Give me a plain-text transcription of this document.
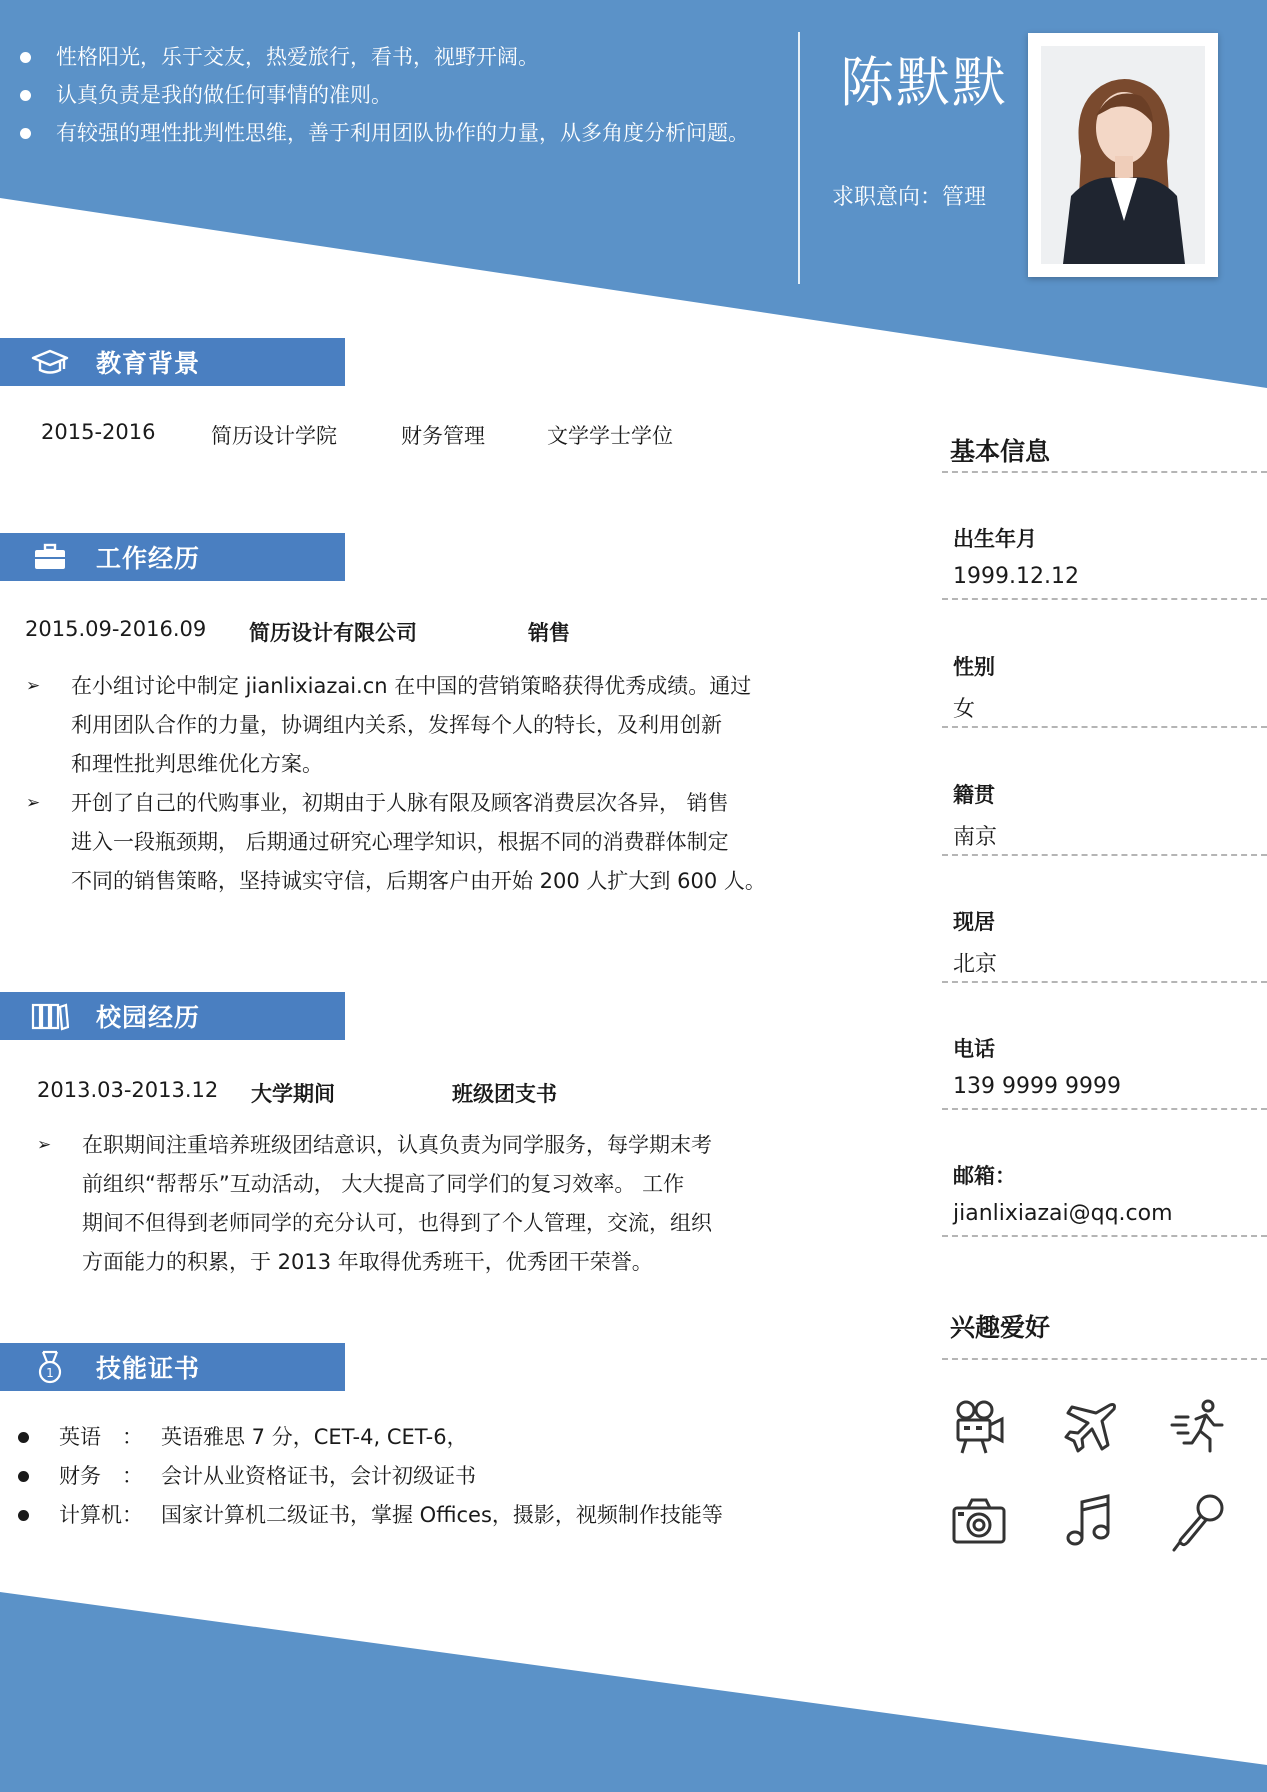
性格阳光，乐于交友，热爱旅行，看书，视野开阔。
认真负责是我的做任何事情的准则。
有较强的理性批判性思维，善于利用团队协作的力量，从多角度分析问题。
陈默默
求职意向：管理
教育背景
2015-2016	简历设计学院	财务管理	文学学士学位
工作经历
2015.09-2016.09 简历设计有限公司	销售
➢ 在小组讨论中制定 jianlixiazai.cn 在中国的营销策略获得优秀成绩。通过
利用团队合作的力量，协调组内关系，发挥每个人的特长，及利用创新
和理性批判思维优化方案。
➢ 开创了自己的代购事业，初期由于人脉有限及顾客消费层次各异， 销售
进入一段瓶颈期， 后期通过研究心理学知识，根据不同的消费群体制定
不同的销售策略，坚持诚实守信，后期客户由开始 200 人扩大到 600 人。
校园经历
2013.03-2013.12 大学期间	班级团支书
➢ 在职期间注重培养班级团结意识，认真负责为同学服务，每学期末考
前组织“帮帮乐”互动活动， 大大提高了同学们的复习效率。 工作
期间不但得到老师同学的充分认可，也得到了个人管理，交流，组织
方面能力的积累，于 2013 年取得优秀班干，优秀团干荣誉。
1 技能证书
英语　： 英语雅思 7 分，CET-4, CET-6，
财务　： 会计从业资格证书，会计初级证书
计算机： 国家计算机二级证书，掌握 Offices，摄影，视频制作技能等
基本信息
出生年月
1999.12.12
性别
女
籍贯
南京
现居
北京
电话
139 9999 9999
邮箱：
jianlixiazai@qq.com
兴趣爱好
